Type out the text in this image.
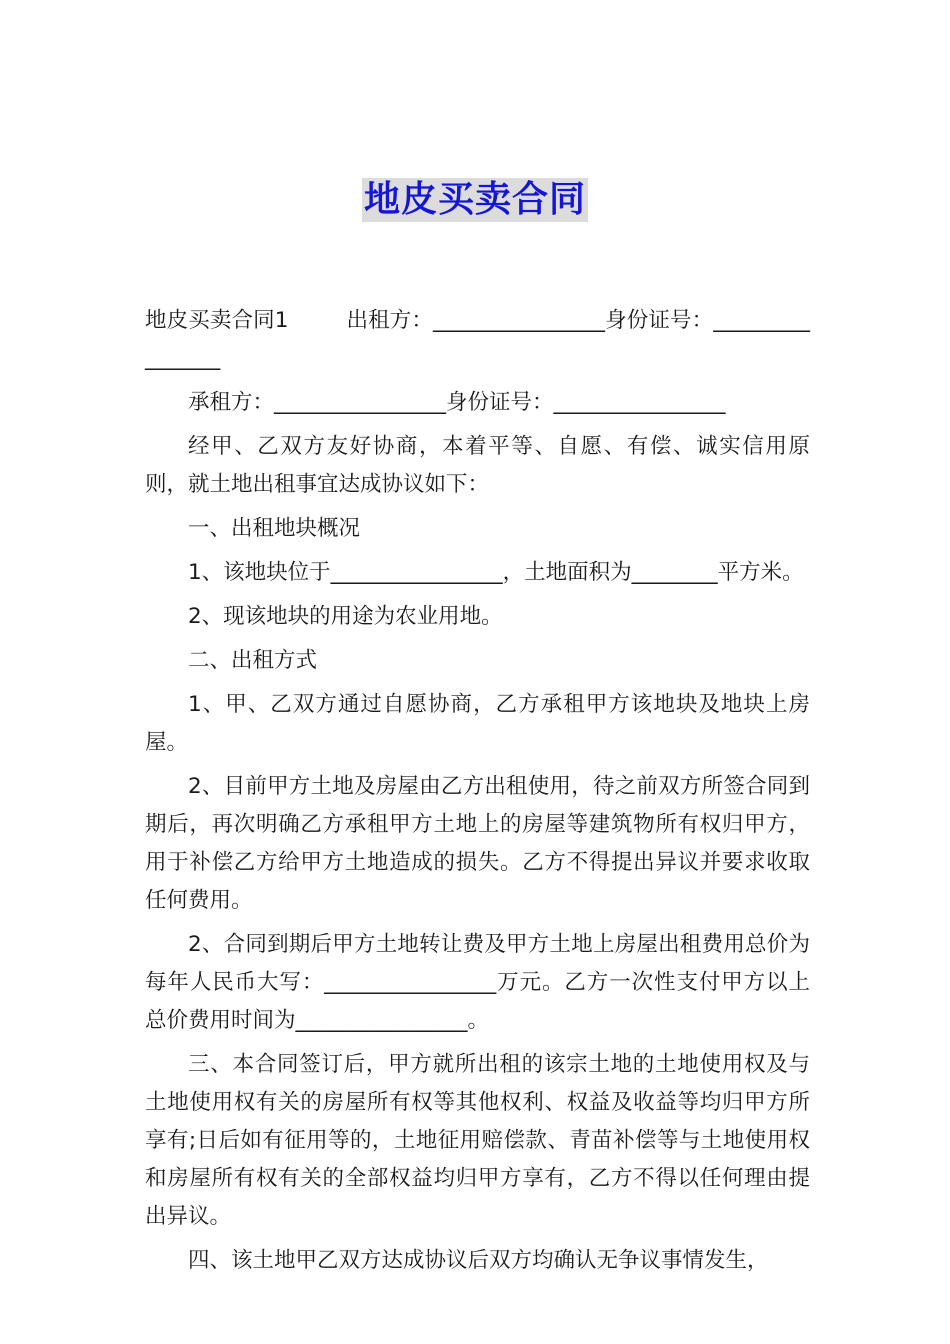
地皮买卖合同

地皮买卖合同1	出租方：________________身份证号：________________

承租方：________________身份证号：________________

经甲、乙双方友好协商，本着平等、自愿、有偿、诚实信用原则，就土地出租事宜达成协议如下：

一、出租地块概况

1、该地块位于________________，土地面积为________平方米。

2、现该地块的用途为农业用地。

二、出租方式

1、甲、乙双方通过自愿协商，乙方承租甲方该地块及地块上房屋。

2、目前甲方土地及房屋由乙方出租使用，待之前双方所签合同到期后，再次明确乙方承租甲方土地上的房屋等建筑物所有权归甲方，用于补偿乙方给甲方土地造成的损失。乙方不得提出异议并要求收取任何费用。

2、合同到期后甲方土地转让费及甲方土地上房屋出租费用总价为每年人民币大写：________________万元。乙方一次性支付甲方以上总价费用时间为________________。

三、本合同签订后，甲方就所出租的该宗土地的土地使用权及与土地使用权有关的房屋所有权等其他权利、权益及收益等均归甲方所享有;日后如有征用等的，土地征用赔偿款、青苗补偿等与土地使用权和房屋所有权有关的全部权益均归甲方享有，乙方不得以任何理由提出异议。

四、该土地甲乙双方达成协议后双方均确认无争议事情发生，
